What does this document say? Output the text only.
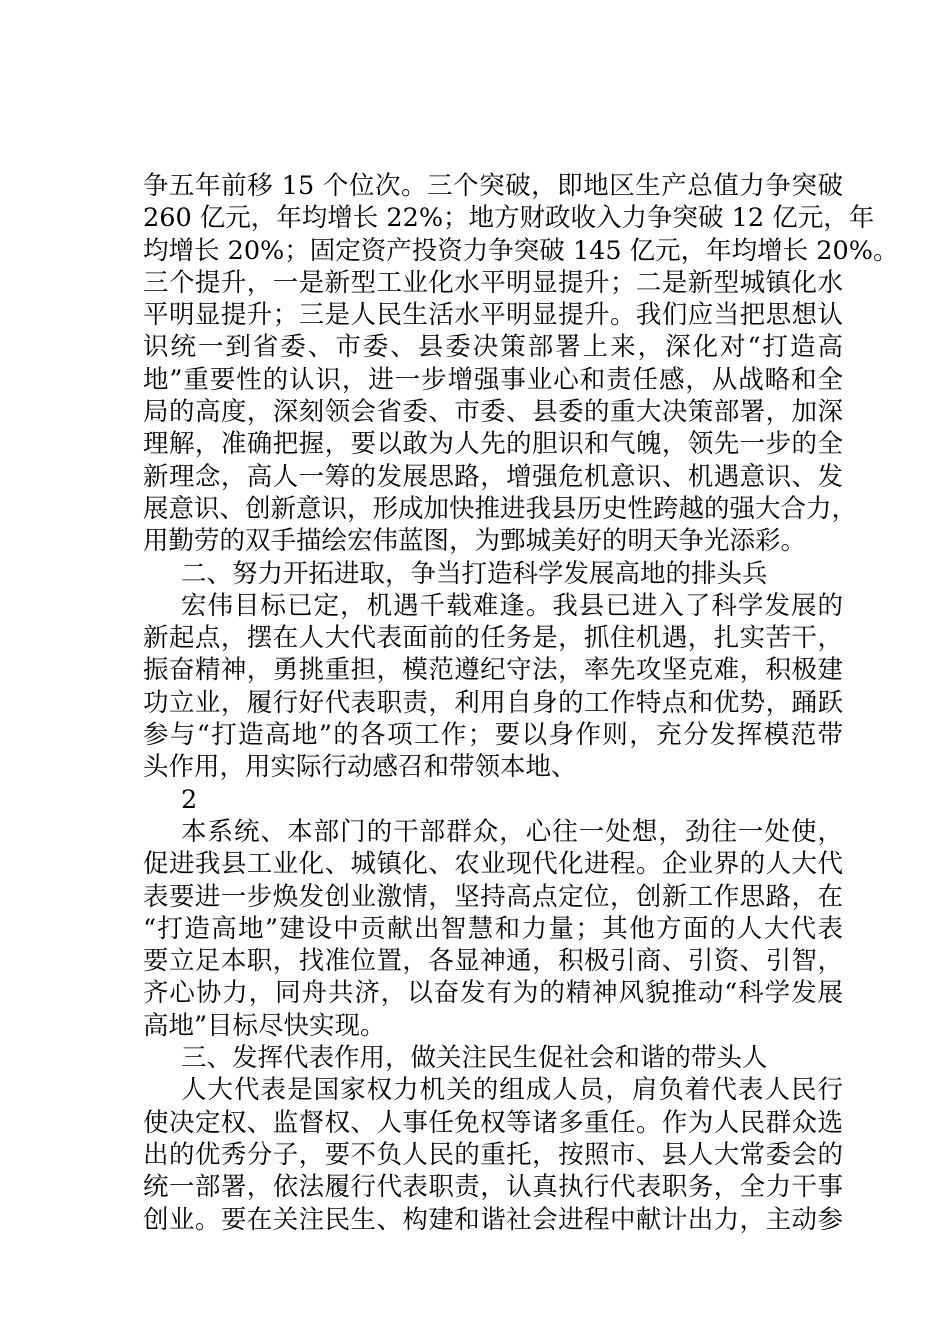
争五年前移 15 个位次。三个突破，即地区生产总值力争突破
260 亿元，年均增长 22%；地方财政收入力争突破 12 亿元，年
均增长 20%；固定资产投资力争突破 145 亿元，年均增长 20%。
三个提升，一是新型工业化水平明显提升；二是新型城镇化水
平明显提升；三是人民生活水平明显提升。我们应当把思想认
识统一到省委、市委、县委决策部署上来，深化对“打造高
地”重要性的认识，进一步增强事业心和责任感，从战略和全
局的高度，深刻领会省委、市委、县委的重大决策部署，加深
理解，准确把握，要以敢为人先的胆识和气魄，领先一步的全
新理念，高人一筹的发展思路，增强危机意识、机遇意识、发
展意识、创新意识，形成加快推进我县历史性跨越的强大合力，
用勤劳的双手描绘宏伟蓝图，为鄄城美好的明天争光添彩。
二、努力开拓进取，争当打造科学发展高地的排头兵
宏伟目标已定，机遇千载难逢。我县已进入了科学发展的
新起点，摆在人大代表面前的任务是，抓住机遇，扎实苦干，
振奋精神，勇挑重担，模范遵纪守法，率先攻坚克难，积极建
功立业，履行好代表职责，利用自身的工作特点和优势，踊跃
参与“打造高地”的各项工作；要以身作则，充分发挥模范带
头作用，用实际行动感召和带领本地、
2
本系统、本部门的干部群众，心往一处想，劲往一处使，
促进我县工业化、城镇化、农业现代化进程。企业界的人大代
表要进一步焕发创业激情，坚持高点定位，创新工作思路，在
“打造高地”建设中贡献出智慧和力量；其他方面的人大代表
要立足本职，找准位置，各显神通，积极引商、引资、引智，
齐心协力，同舟共济，以奋发有为的精神风貌推动“科学发展
高地”目标尽快实现。
三、发挥代表作用，做关注民生促社会和谐的带头人
人大代表是国家权力机关的组成人员，肩负着代表人民行
使决定权、监督权、人事任免权等诸多重任。作为人民群众选
出的优秀分子，要不负人民的重托，按照市、县人大常委会的
统一部署，依法履行代表职责，认真执行代表职务，全力干事
创业。要在关注民生、构建和谐社会进程中献计出力，主动参
